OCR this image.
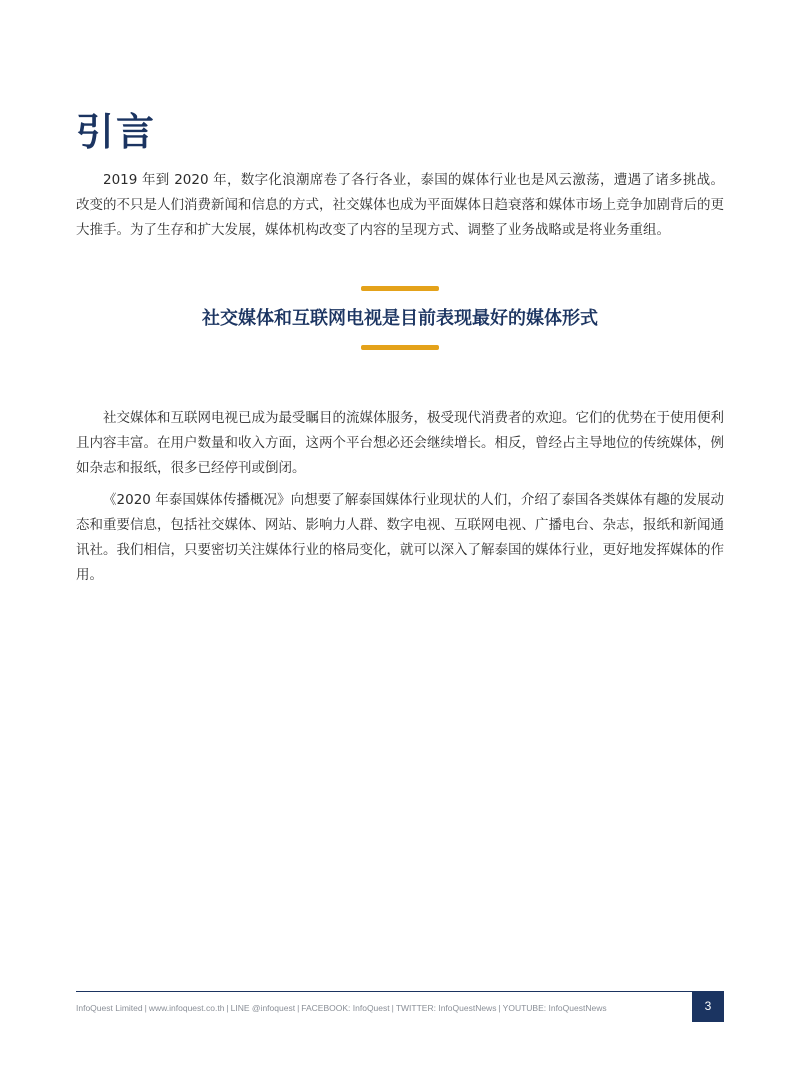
引言

2019 年到 2020 年，数字化浪潮席卷了各行各业，泰国的媒体行业也是风云激荡，遭遇了诸多挑战。改变的不只是人们消费新闻和信息的方式，社交媒体也成为平面媒体日趋衰落和媒体市场上竞争加剧背后的更大推手。为了生存和扩大发展，媒体机构改变了内容的呈现方式、调整了业务战略或是将业务重组。

社交媒体和互联网电视是目前表现最好的媒体形式

社交媒体和互联网电视已成为最受瞩目的流媒体服务，极受现代消费者的欢迎。它们的优势在于使用便利且内容丰富。在用户数量和收入方面，这两个平台想必还会继续增长。相反，曾经占主导地位的传统媒体，例如杂志和报纸，很多已经停刊或倒闭。

《2020 年泰国媒体传播概况》向想要了解泰国媒体行业现状的人们，介绍了泰国各类媒体有趣的发展动态和重要信息，包括社交媒体、网站、影响力人群、数字电视、互联网电视、广播电台、杂志，报纸和新闻通讯社。我们相信，只要密切关注媒体行业的格局变化，就可以深入了解泰国的媒体行业，更好地发挥媒体的作用。

InfoQuest Limited | www.infoquest.co.th | LINE @infoquest | FACEBOOK: InfoQuest | TWITTER: InfoQuestNews | YOUTUBE: InfoQuestNews	3
